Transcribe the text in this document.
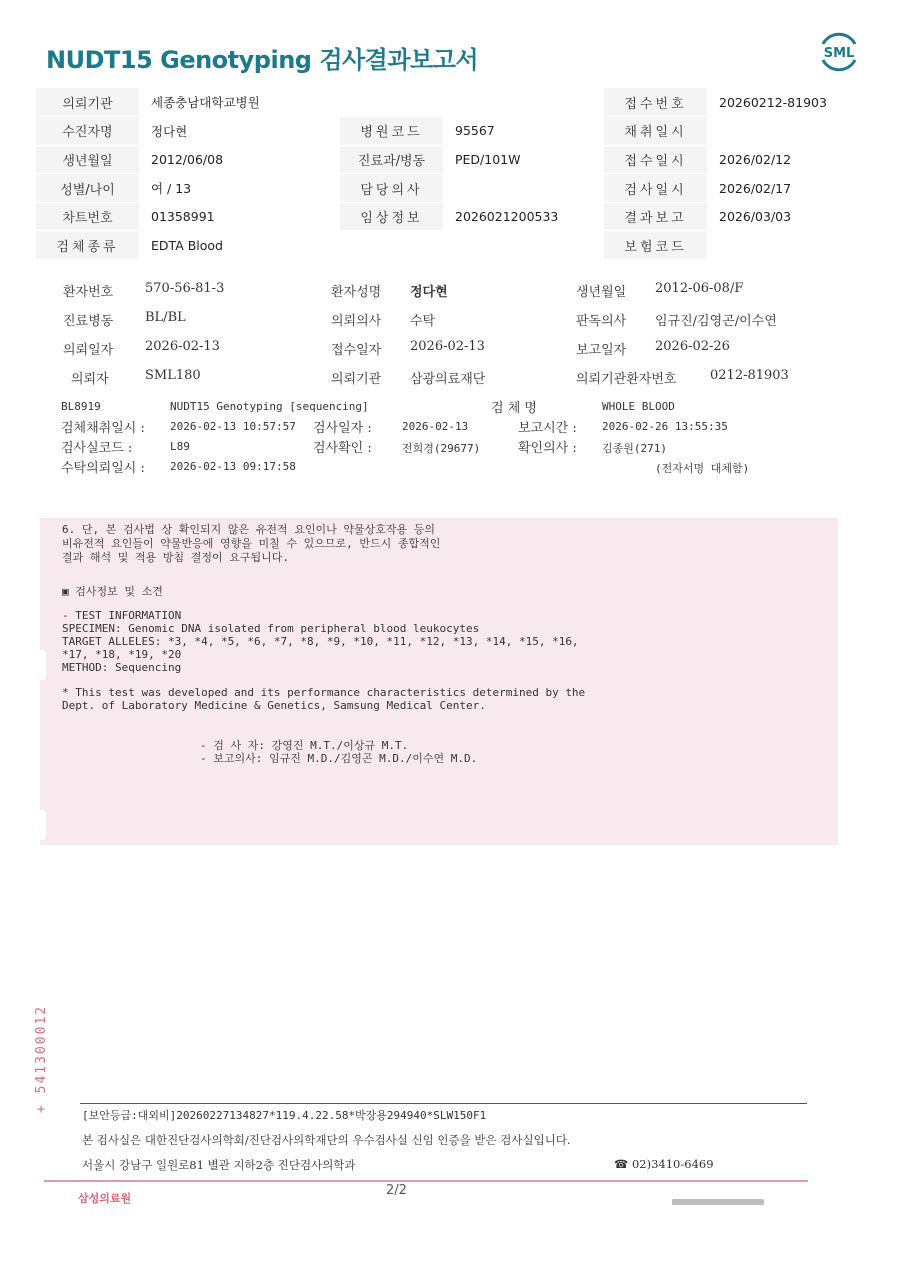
NUDT15 Genotyping 검사결과보고서	SML
의뢰기관	세종충남대학교병원			접수번호	20260212-81903
수진자명	정다현	병원코드	95567	채취일시	
생년월일	2012/06/08	진료과/병동	PED/101W	접수일시	2026/02/12
성별/나이	여 / 13	담당의사		검사일시	2026/02/17
차트번호	01358991	임상정보	2026021200533	결과보고	2026/03/03
검체종류	EDTA Blood			보험코드	
환자번호 570-56-81-3	환자성명 정다현	생년월일 2012-06-08/F
진료병동 BL/BL	의뢰의사 수탁	판독의사 임규진/김영곤/이수연
의뢰일자 2026-02-13	접수일자 2026-02-13	보고일자 2026-02-26
의뢰자	SML180	의뢰기관 삼광의료재단	의뢰기관환자번호	0212-81903
BL8919	NUDT15 Genotyping [sequencing]	검 체 명	WHOLE BLOOD
검체채취일시 : 2026-02-13 10:57:57 검사일자 :	2026-02-13	보고시간 : 2026-02-26 13:55:35
검사실코드 :	L89	검사확인 :	전희경(29677)	확인의사 : 김종원(271)
수탁의뢰일시 : 2026-02-13 09:17:58	(전자서명 대체함)
6. 단, 본 검사법 상 확인되지 않은 유전적 요인이나 약물상호작용 등의
비유전적 요인들이 약물반응에 영향을 미칠 수 있으므로, 반드시 종합적인
결과 해석 및 적용 방침 결정이 요구됩니다.
▣ 검사정보 및 소견
- TEST INFORMATION
SPECIMEN: Genomic DNA isolated from peripheral blood leukocytes
TARGET ALLELES: *3, *4, *5, *6, *7, *8, *9, *10, *11, *12, *13, *14, *15, *16,
*17, *18, *19, *20
METHOD: Sequencing
* This test was developed and its performance characteristics determined by the
Dept. of Laboratory Medicine & Genetics, Samsung Medical Center.
- 검 사 자: 강영진 M.T./이상규 M.T.
- 보고의사: 임규진 M.D./김영곤 M.D./이수연 M.D.
+ 541300012
[보안등급:대외비]20260227134827*119.4.22.58*박장용294940*SLW150F1
본 검사실은 대한진단검사의학회/진단검사의학재단의 우수검사실 신임 인증을 받은 검사실입니다.
서울시 강남구 일원로81 별관 지하2층 진단검사의학과	☎ 02)3410-6469
삼성의료원
2/2
